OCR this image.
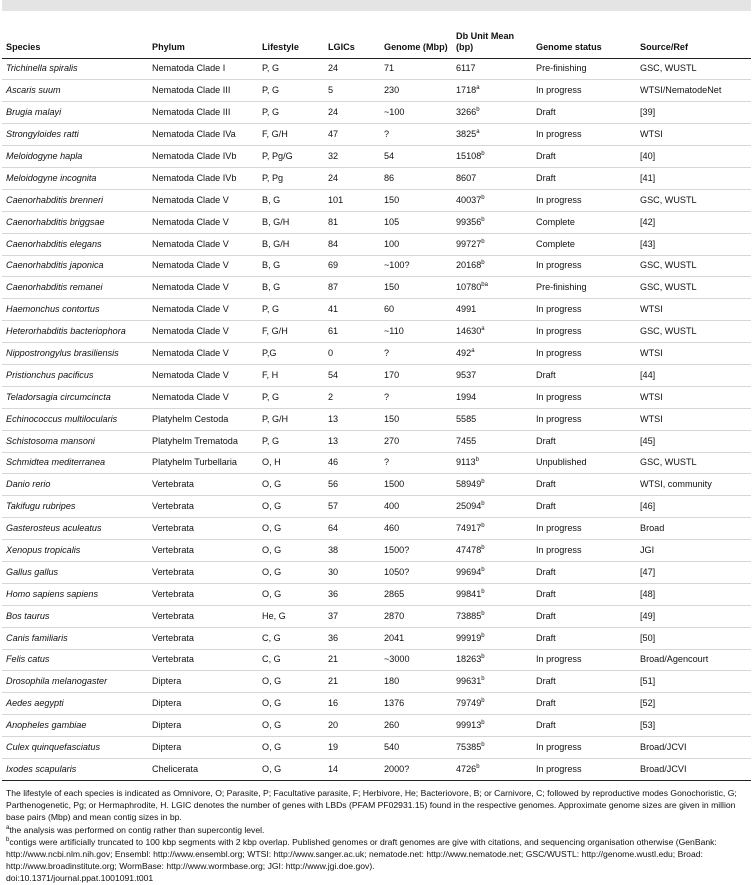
Species	Phylum	Lifestyle	LGICs	Genome (Mbp)	Db Unit Mean (bp)	Genome status	Source/Ref
Trichinella spiralis	Nematoda Clade I	P, G	24	71	6117	Pre-finishing	GSC, WUSTL
Ascaris suum	Nematoda Clade III	P, G	5	230	1718$^a$	In progress	WTSI/NematodeNet
Brugia malayi	Nematoda Clade III	P, G	24	~100	3266$^b$	Draft	[39]
Strongyloides ratti	Nematoda Clade IVa	F, G/H	47	?	3825$^a$	In progress	WTSI
Meloidogyne hapla	Nematoda Clade IVb	P, Pg/G	32	54	15108$^b$	Draft	[40]
Meloidogyne incognita	Nematoda Clade IVb	P, Pg	24	86	8607	Draft	[41]
Caenorhabditis brenneri	Nematoda Clade V	B, G	101	150	40037$^b$	In progress	GSC, WUSTL
Caenorhabditis briggsae	Nematoda Clade V	B, G/H	81	105	99356$^b$	Complete	[42]
Caenorhabditis elegans	Nematoda Clade V	B, G/H	84	100	99727$^b$	Complete	[43]
Caenorhabditis japonica	Nematoda Clade V	B, G	69	~100?	20168$^b$	In progress	GSC, WUSTL
Caenorhabditis remanei	Nematoda Clade V	B, G	87	150	$10780^{ba}$	Pre-finishing	GSC, WUSTL
Haemonchus contortus	Nematoda Clade V	P, G	41	60	4991	In progress	WTSI
Heterorhabditis bacteriophora	Nematoda Clade V	F, G/H	61	~110	14630$^a$	In progress	GSC, WUSTL
Nippostrongylus brasiliensis	Nematoda Clade V	P,G	0	?	492$^a$	In progress	WTSI
Pristionchus pacificus	Nematoda Clade V	F, H	54	170	9537	Draft	[44]
Teladorsagia circumcincta	Nematoda Clade V	P, G	2	?	1994	In progress	WTSI
Echinococcus multilocularis	Platyhelm Cestoda	P, G/H	13	150	5585	In progress	WTSI
Schistosoma mansoni	Platyhelm Trematoda	P, G	13	270	7455	Draft	[45]
Schmidtea mediterranea	Platyhelm Turbellaria	O, H	46	?	9113$^b$	Unpublished	GSC, WUSTL
Danio rerio	Vertebrata	O, G	56	1500	58949$^b$	Draft	WTSI, community
Takifugu rubripes	Vertebrata	O, G	57	400	25094$^b$	Draft	[46]
Gasterosteus aculeatus	Vertebrata	O, G	64	460	74917$^b$	In progress	Broad
Xenopus tropicalis	Vertebrata	O, G	38	1500?	47478$^b$	In progress	JGI
Gallus gallus	Vertebrata	O, G	30	1050?	99694$^b$	Draft	[47]
Homo sapiens sapiens	Vertebrata	O, G	36	2865	99841$^b$	Draft	[48]
Bos taurus	Vertebrata	He, G	37	2870	73885$^b$	Draft	[49]
Canis familiaris	Vertebrata	C, G	36	2041	99919$^b$	Draft	[50]
Felis catus	Vertebrata	C, G	21	~3000	18263$^b$	In progress	Broad/Agencourt
Drosophila melanogaster	Diptera	O, G	21	180	99631$^b$	Draft	[51]
Aedes aegypti	Diptera	O, G	16	1376	79749$^b$	Draft	[52]
Anopheles gambiae	Diptera	O, G	20	260	99913$^b$	Draft	[53]
Culex quinquefasciatus	Diptera	O, G	19	540	75385$^b$	In progress	Broad/JCVI
Ixodes scapularis	Chelicerata	O, G	14	2000?	4726$^b$	In progress	Broad/JCVI

The lifestyle of each species is indicated as Omnivore, O; Parasite, P; Facultative parasite, F; Herbivore, He; Bacteriovore, B; or Carnivore, C; followed by reproductive modes Gonochoristic, G; Parthenogenetic, Pg; or Hermaphrodite, H. LGIC denotes the number of genes with LBDs (PFAM PF02931.15) found in the respective genomes. Approximate genome sizes are given in million base pairs (Mbp) and mean contig sizes in bp.

$^a$the analysis was performed on contig rather than supercontig level.

$^b$contigs were artificially truncated to 100 kbp segments with 2 kbp overlap. Published genomes or draft genomes are give with citations, and sequencing organisation otherwise (GenBank: http://www.ncbi.nlm.nih.gov; Ensembl: http://www.ensembl.org; WTSI: http://www.sanger.ac.uk; nematode.net: http://www.nematode.net; GSC/WUSTL: http://genome.wustl.edu; Broad: http://www.broadinstitute.org; WormBase: http://www.wormbase.org; JGI: http://www.jgi.doe.gov).

doi:10.1371/journal.ppat.1001091.t001
